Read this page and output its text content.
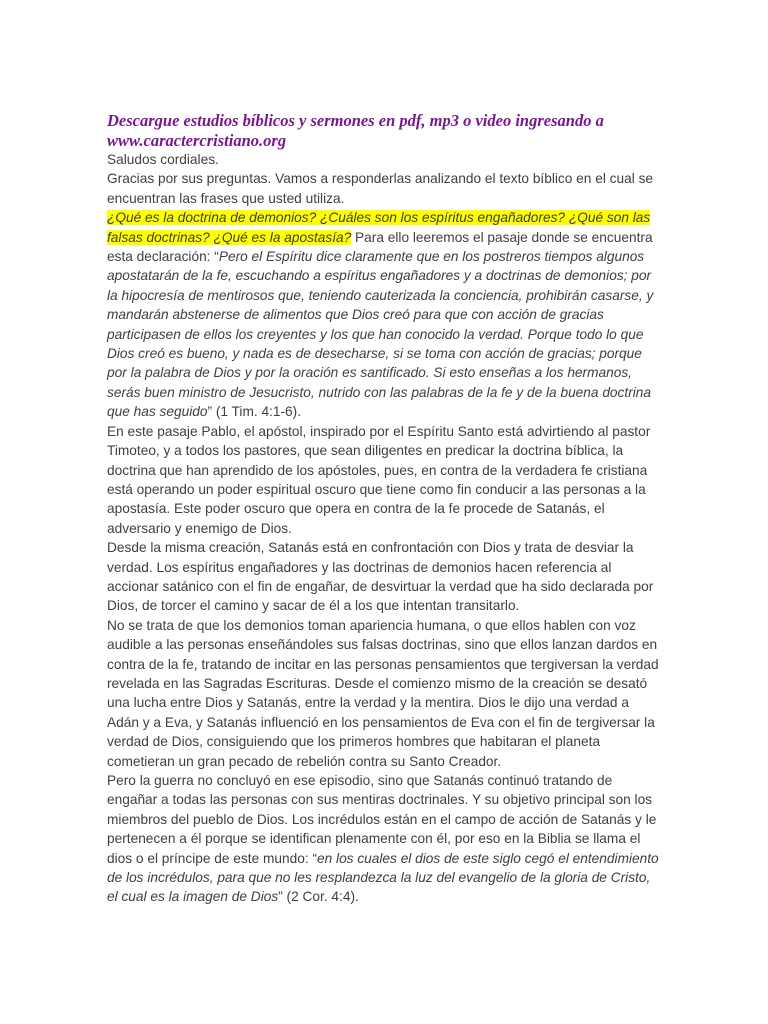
Descargue estudios bíblicos y sermones en pdf, mp3 o video ingresando a
www.caractercristiano.org

Saludos cordiales.

Gracias por sus preguntas. Vamos a responderlas analizando el texto bíblico en el cual se encuentran las frases que usted utiliza.

¿Qué es la doctrina de demonios? ¿Cuáles son los espíritus engañadores? ¿Qué son las falsas doctrinas? ¿Qué es la apostasía? Para ello leeremos el pasaje donde se encuentra esta declaración: “Pero el Espíritu dice claramente que en los postreros tiempos algunos apostatarán de la fe, escuchando a espíritus engañadores y a doctrinas de demonios; por la hipocresía de mentirosos que, teniendo cauterizada la conciencia, prohibirán casarse, y mandarán abstenerse de alimentos que Dios creó para que con acción de gracias participasen de ellos los creyentes y los que han conocido la verdad. Porque todo lo que Dios creó es bueno, y nada es de desecharse, si se toma con acción de gracias; porque por la palabra de Dios y por la oración es santificado. Si esto enseñas a los hermanos, serás buen ministro de Jesucristo, nutrido con las palabras de la fe y de la buena doctrina que has seguido” (1 Tim. 4:1-6).

En este pasaje Pablo, el apóstol, inspirado por el Espíritu Santo está advirtiendo al pastor Timoteo, y a todos los pastores, que sean diligentes en predicar la doctrina bíblica, la doctrina que han aprendido de los apóstoles, pues, en contra de la verdadera fe cristiana está operando un poder espiritual oscuro que tiene como fin conducir a las personas a la apostasía. Este poder oscuro que opera en contra de la fe procede de Satanás, el adversario y enemigo de Dios.

Desde la misma creación, Satanás está en confrontación con Dios y trata de desviar la verdad. Los espíritus engañadores y las doctrinas de demonios hacen referencia al accionar satánico con el fin de engañar, de desvirtuar la verdad que ha sido declarada por Dios, de torcer el camino y sacar de él a los que intentan transitarlo.

No se trata de que los demonios toman apariencia humana, o que ellos hablen con voz audible a las personas enseñándoles sus falsas doctrinas, sino que ellos lanzan dardos en contra de la fe, tratando de incitar en las personas pensamientos que tergiversan la verdad revelada en las Sagradas Escrituras. Desde el comienzo mismo de la creación se desató una lucha entre Dios y Satanás, entre la verdad y la mentira. Dios le dijo una verdad a Adán y a Eva, y Satanás influenció en los pensamientos de Eva con el fin de tergiversar la verdad de Dios, consiguiendo que los primeros hombres que habitaran el planeta cometieran un gran pecado de rebelión contra su Santo Creador.

Pero la guerra no concluyó en ese episodio, sino que Satanás continuó tratando de engañar a todas las personas con sus mentiras doctrinales. Y su objetivo principal son los miembros del pueblo de Dios. Los incrédulos están en el campo de acción de Satanás y le pertenecen a él porque se identifican plenamente con él, por eso en la Biblia se llama el dios o el príncipe de este mundo: “en los cuales el dios de este siglo cegó el entendimiento de los incrédulos, para que no les resplandezca la luz del evangelio de la gloria de Cristo, el cual es la imagen de Dios” (2 Cor. 4:4).
